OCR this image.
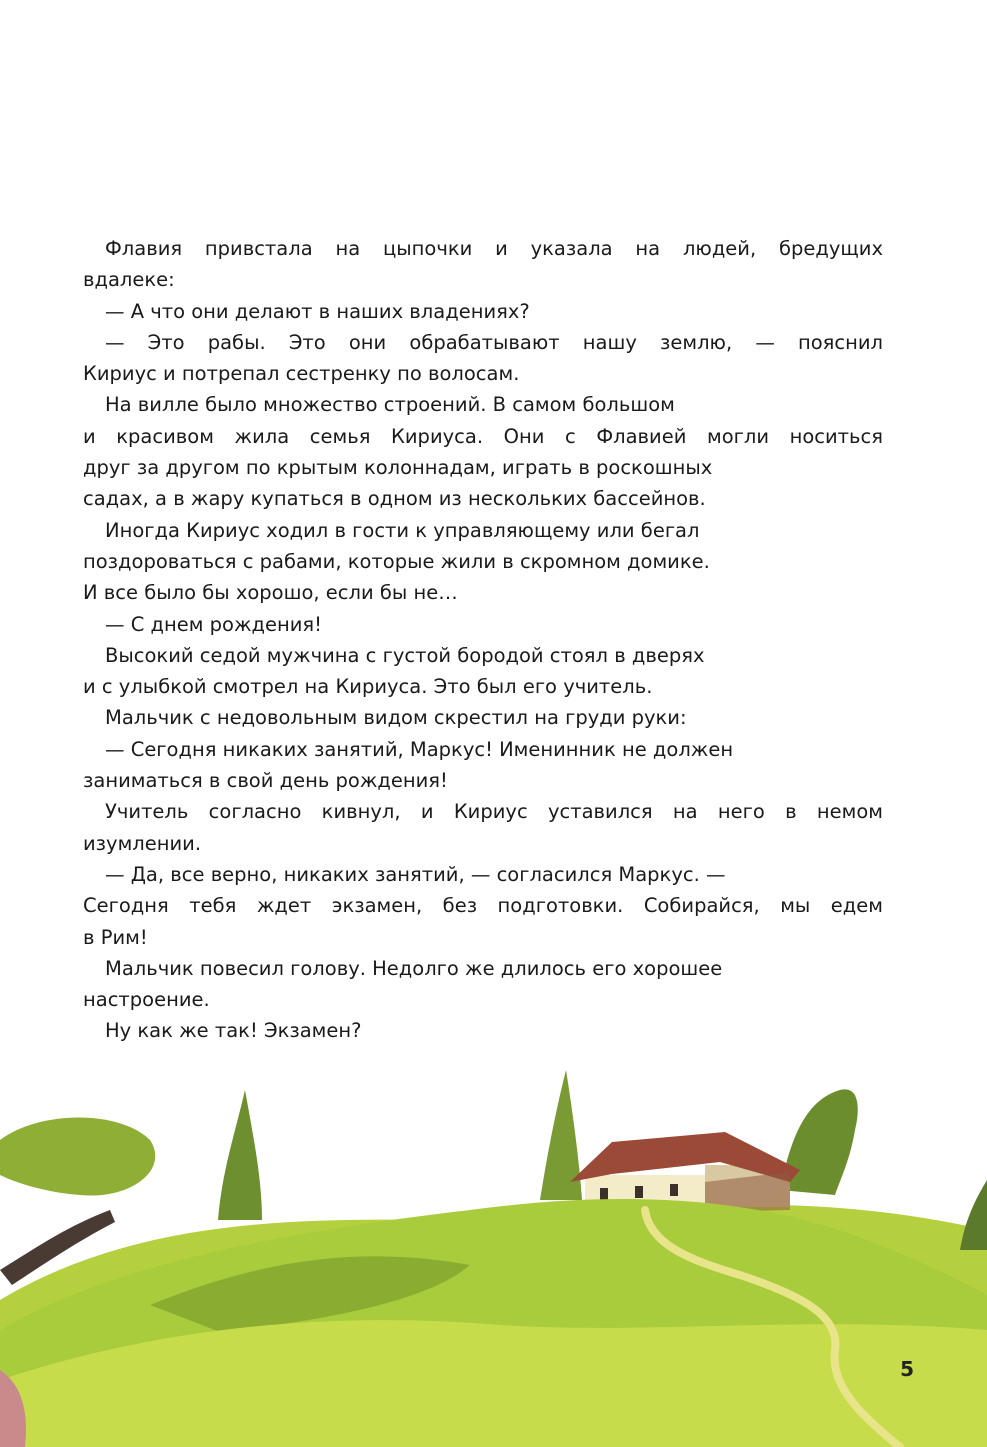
Флавия привстала на цыпочки и указала на людей, бредущих
вдалеке:
— А что они делают в наших владениях?
— Это рабы. Это они обрабатывают нашу землю, — пояснил
Кириус и потрепал сестренку по волосам.
На вилле было множество строений. В самом большом
и красивом жила семья Кириуса. Они с Флавией могли носиться
друг за другом по крытым колоннадам, играть в роскошных
садах, а в жару купаться в одном из нескольких бассейнов.
Иногда Кириус ходил в гости к управляющему или бегал
поздороваться с рабами, которые жили в скромном домике.
И все было бы хорошо, если бы не…
— С днем рождения!
Высокий седой мужчина с густой бородой стоял в дверях
и с улыбкой смотрел на Кириуса. Это был его учитель.
Мальчик с недовольным видом скрестил на груди руки:
— Сегодня никаких занятий, Маркус! Именинник не должен
заниматься в свой день рождения!
Учитель согласно кивнул, и Кириус уставился на него в немом
изумлении.
— Да, все верно, никаких занятий, — согласился Маркус. —
Сегодня тебя ждет экзамен, без подготовки. Собирайся, мы едем
в Рим!
Мальчик повесил голову. Недолго же длилось его хорошее
настроение.
Ну как же так! Экзамен?
5
